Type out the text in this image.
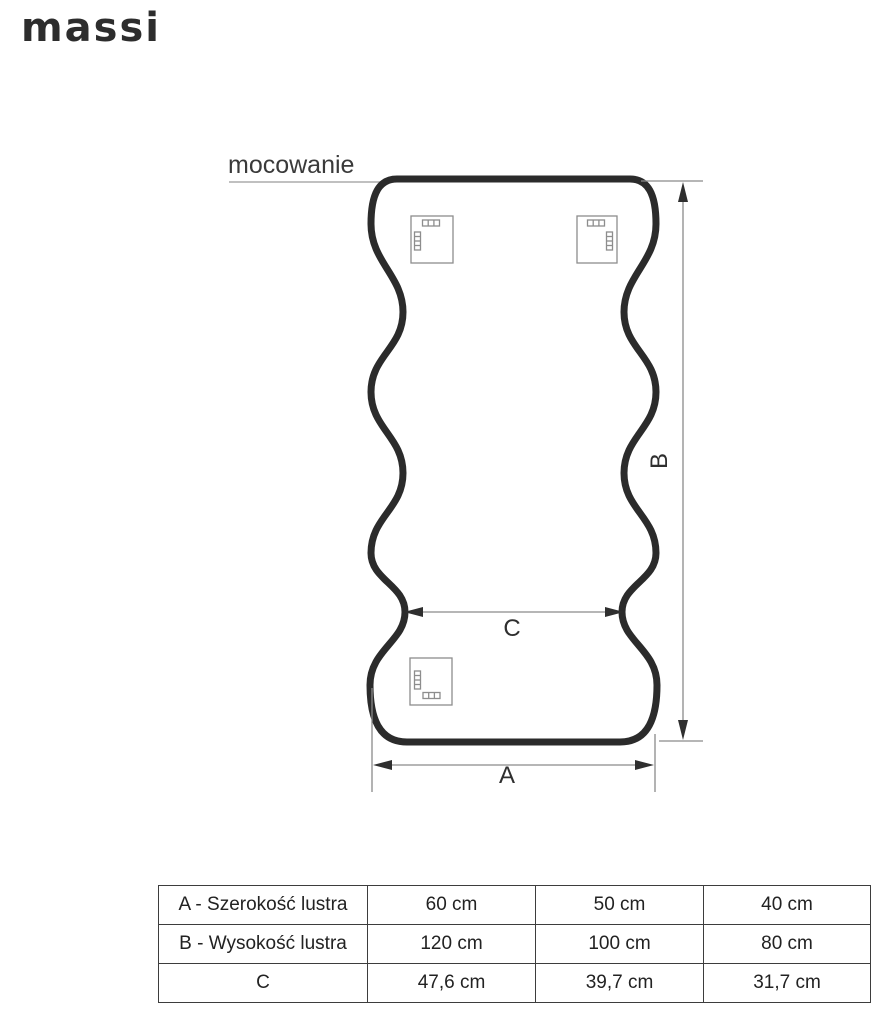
massi
mocowanie
B
C
A
A - Szerokość lustra	60 cm	50 cm	40 cm
B - Wysokość lustra	120 cm	100 cm	80 cm
C	47,6 cm	39,7 cm	31,7 cm
